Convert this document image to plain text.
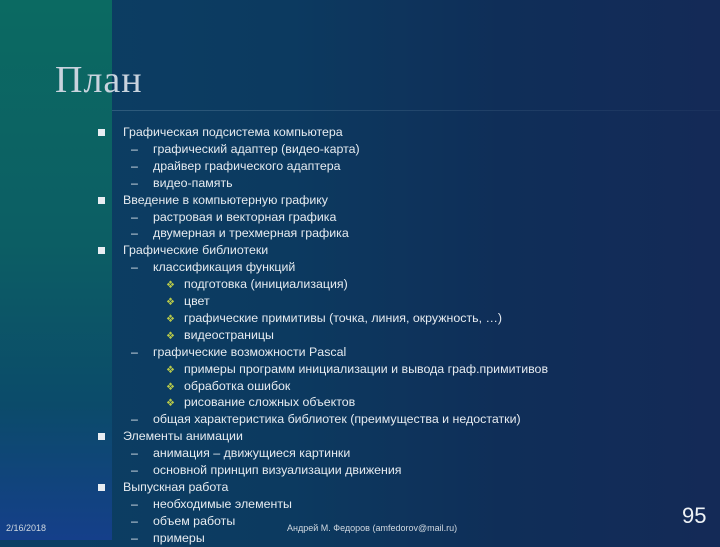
План
Графическая подсистема компьютера
– графический адаптер (видео-карта)
– драйвер графического адаптера
– видео-память
Введение в компьютерную графику
– растровая и векторная графика
– двумерная и трехмерная графика
Графические библиотеки
– классификация функций
❖ подготовка (инициализация)
❖ цвет
❖ графические примитивы (точка, линия, окружность, …)
❖ видеостраницы
– графические возможности Pascal
❖ примеры программ инициализации и вывода граф.примитивов
❖ обработка ошибок
❖ рисование сложных объектов
– общая характеристика библиотек (преимущества и недостатки)
Элементы анимации
– анимация – движущиеся картинки
– основной принцип визуализации движения
Выпускная работа
– необходимые элементы
– объем работы
– примеры
2/16/2018	Андрей М. Федоров (amfedorov@mail.ru)	95
